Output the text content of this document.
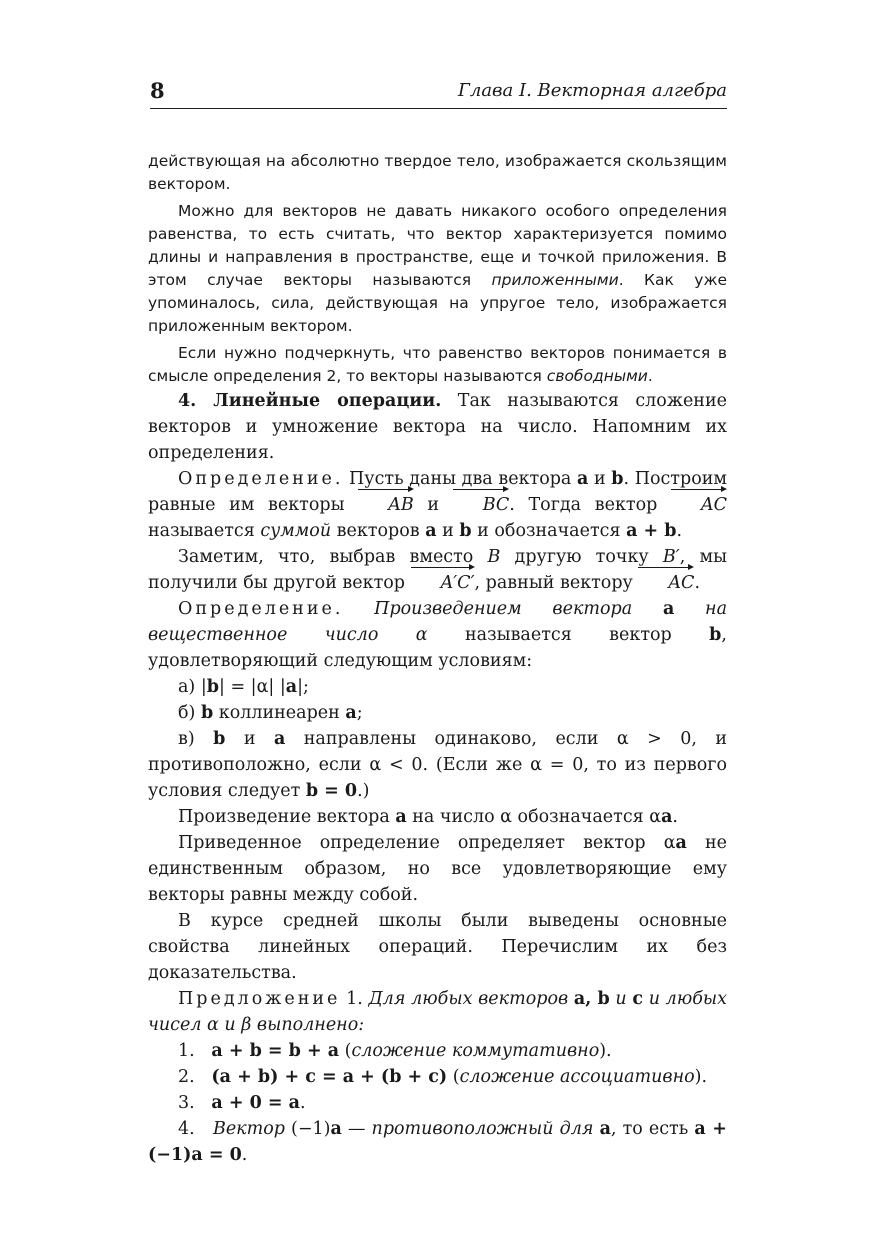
8	Глава I. Векторная алгебра

действующая на абсолютно твердое тело, изображается скользящим вектором.

Можно для векторов не давать никакого особого определения равенства, то есть считать, что вектор характеризуется помимо длины и направления в пространстве, еще и точкой приложения. В этом случае векторы называются приложенными. Как уже упоминалось, сила, действующая на упругое тело, изображается приложенным вектором.

Если нужно подчеркнуть, что равенство векторов понимается в смысле определения 2, то векторы называются свободными.

4. Линейные операции. Так называются сложение векторов и умножение вектора на число. Напомним их определения.

Определение. Пусть даны два вектора a и b. Построим равные им векторы AB и BC. Тогда вектор AC называется суммой векторов a и b и обозначается a + b.

Заметим, что, выбрав вместо B другую точку B′, мы получили бы другой вектор A′C′, равный вектору AC.

Определение. Произведением вектора a на вещественное число α называется вектор b, удовлетворяющий следующим условиям:

а) |b| = |α| |a|;

б) b коллинеарен a;

в) b и a направлены одинаково, если α > 0, и противоположно, если α < 0. (Если же α = 0, то из первого условия следует b = 0.)

Произведение вектора a на число α обозначается αa.

Приведенное определение определяет вектор αa не единственным образом, но все удовлетворяющие ему векторы равны между собой.

В курсе средней школы были выведены основные свойства линейных операций. Перечислим их без доказательства.

Предложение 1. Для любых векторов a, b и c и любых чисел α и β выполнено:

1.   a + b = b + a (сложение коммутативно).

2.   (a + b) + c = a + (b + c) (сложение ассоциативно).

3.   a + 0 = a.

4.   Вектор (−1)a — противоположный для a, то есть a + (−1)a = 0.
